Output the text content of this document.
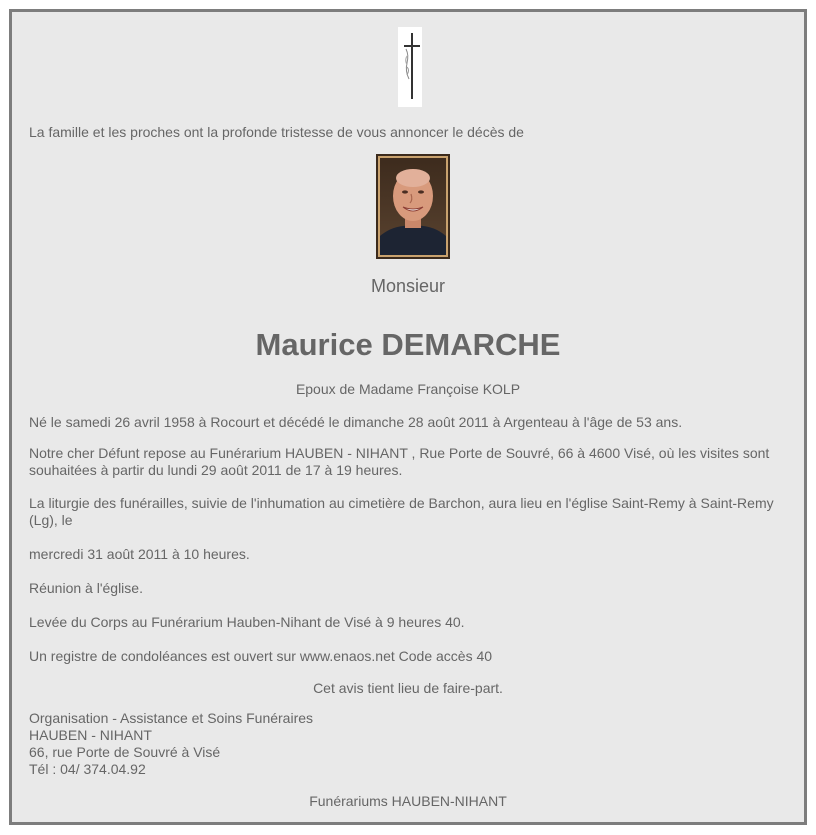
La famille et les proches ont la profonde tristesse de vous annoncer le décès de

Monsieur
Maurice DEMARCHE

Epoux de Madame Françoise KOLP

Né le samedi 26 avril 1958 à Rocourt et décédé le dimanche 28 août 2011 à Argenteau à l'âge de 53 ans.

Notre cher Défunt repose au Funérarium HAUBEN - NIHANT , Rue Porte de Souvré, 66 à 4600 Visé, où les visites sont souhaitées à partir du lundi 29 août 2011 de 17 à 19 heures.

La liturgie des funérailles, suivie de l'inhumation au cimetière de Barchon, aura lieu en l'église Saint-Remy à Saint-Remy (Lg), le

mercredi 31 août 2011 à 10 heures.

Réunion à l'église.

Levée du Corps au Funérarium Hauben-Nihant de Visé à 9 heures 40.

Un registre de condoléances est ouvert sur www.enaos.net Code accès 40

Cet avis tient lieu de faire-part.

Organisation - Assistance et Soins Funéraires
HAUBEN - NIHANT
66, rue Porte de Souvré à Visé
Tél : 04/ 374.04.92

Funérariums HAUBEN-NIHANT
